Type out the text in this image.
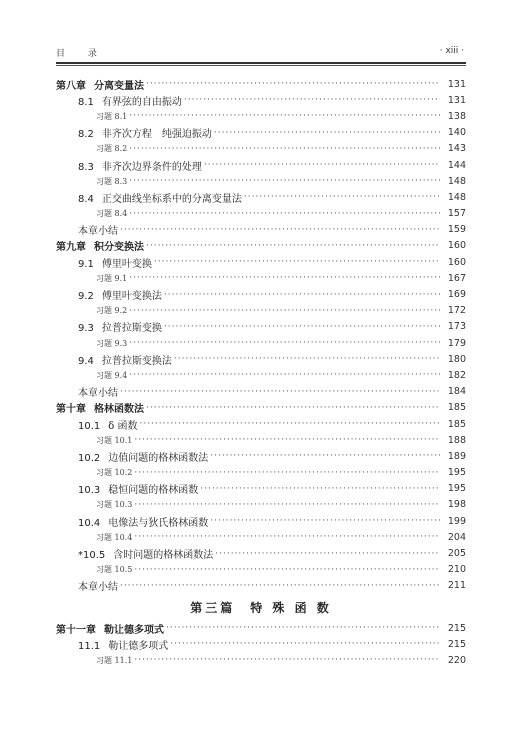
目 录	· xiii ·
第八章 分离变量法 ·····	131
8.1 有界弦的自由振动 ·····	131
习题 8.1 ·····	138
8.2 非齐次方程　纯强迫振动 ·····	140
习题 8.2 ·····	143
8.3 非齐次边界条件的处理 ·····	144
习题 8.3 ·····	148
8.4 正交曲线坐标系中的分离变量法 ·····	148
习题 8.4 ·····	157
本章小结 ·····	159
第九章 积分变换法 ·····	160
9.1 傅里叶变换 ·····	160
习题 9.1 ·····	167
9.2 傅里叶变换法 ·····	169
习题 9.2 ·····	172
9.3 拉普拉斯变换 ·····	173
习题 9.3 ·····	179
9.4 拉普拉斯变换法 ·····	180
习题 9.4 ·····	182
本章小结 ·····	184
第十章 格林函数法 ·····	185
10.1 δ 函数 ·····	185
习题 10.1 ·····	188
10.2 边值问题的格林函数法 ·····	189
习题 10.2 ·····	195
10.3 稳恒问题的格林函数 ·····	195
习题 10.3 ·····	198
10.4 电像法与狄氏格林函数 ·····	199
习题 10.4 ·····	204
*10.5 含时问题的格林函数法 ·····	205
习题 10.5 ·····	210
本章小结 ·····	211
第三篇　特 殊 函 数
第十一章 勒让德多项式 ·····	215
11.1 勒让德多项式 ·····	215
习题 11.1 ·····	220
